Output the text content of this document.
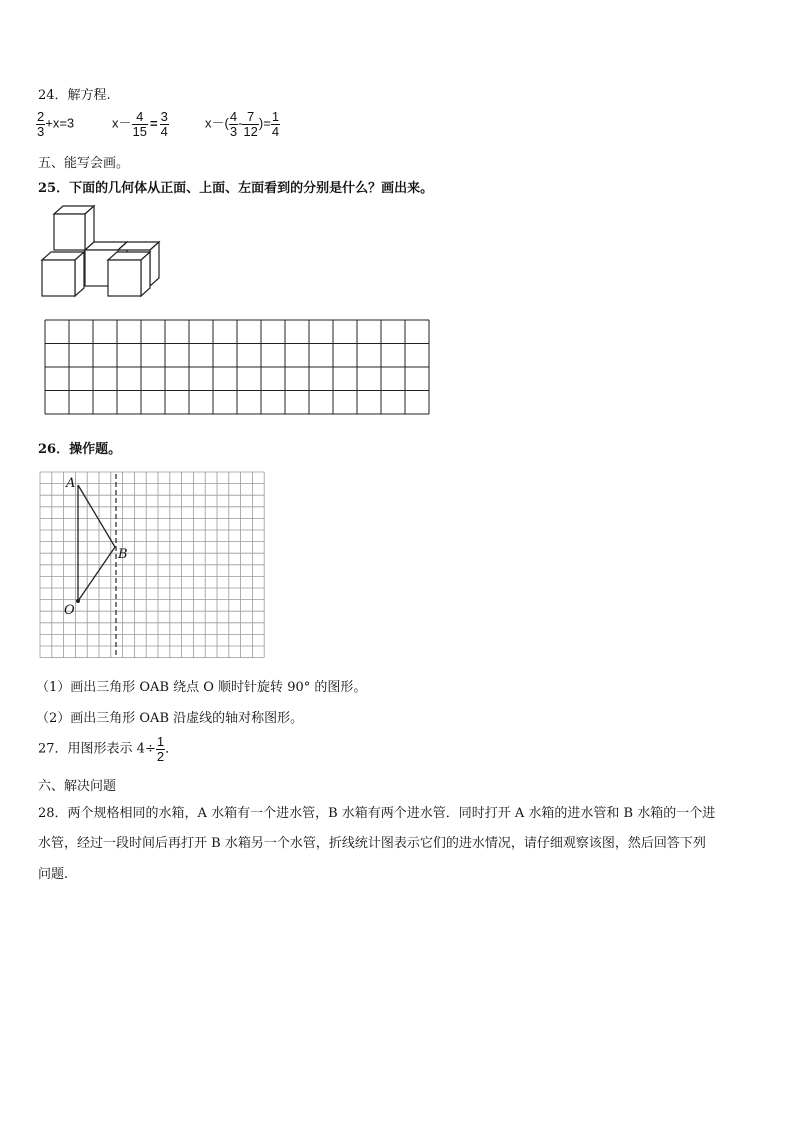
24．解方程.
$\frac{2}{3} +x=3$	$x- \frac{4}{15} = \frac{3}{4}$	$x-( \frac{4}{3} - \frac{7}{12}$ )= $\frac{1}{4}$
五、能写会画。
25．下面的几何体从正面、上面、左面看到的分别是什么？画出来。
26．操作题。
A
B
O
（1）画出三角形 OAB 绕点 O 顺时针旋转 90° 的图形。
（2）画出三角形 OAB 沿虚线的轴对称图形。
27．用图形表示 $4\div \frac{1}{2}$ ．
六、解决问题
28．两个规格相同的水箱，A 水箱有一个进水管，B 水箱有两个进水管．同时打开 A 水箱的进水管和 B 水箱的一个进
水管，经过一段时间后再打开 B 水箱另一个水管，折线统计图表示它们的进水情况，请仔细观察该图，然后回答下列
问题.
